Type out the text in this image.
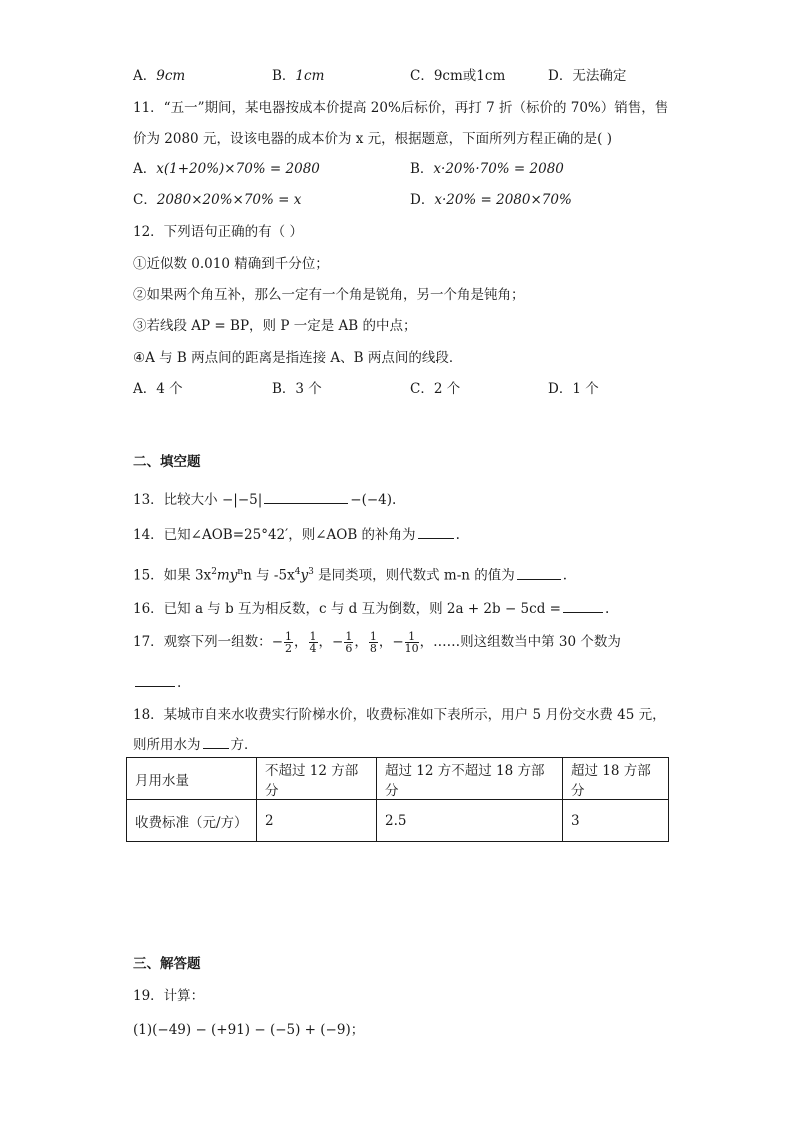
A．9cm	B．1cm	C．9cm或1cm	D．无法确定
11．“五一”期间，某电器按成本价提高 20%后标价，再打 7 折（标价的 70%）销售，售
价为 2080 元，设该电器的成本价为 x 元，根据题意，下面所列方程正确的是( )
A．x(1+20%)×70% = 2080	B．x·20%·70% = 2080
C．2080×20%×70% = x	D．x·20% = 2080×70%
12．下列语句正确的有（ ）
①近似数 0.010 精确到千分位；
②如果两个角互补，那么一定有一个角是锐角，另一个角是钝角；
③若线段 AP = BP，则 P 一定是 AB 的中点；
④A 与 B 两点间的距离是指连接 A、B 两点间的线段．
A．4 个	B．3 个	C．2 个	D．1 个
二、填空题
13．比较大小 −|−5|	−(−4).
14．已知∠AOB=25°42′，则∠AOB 的补角为	.
15．如果 $3x^2my^nn$ 与 $-5x^4y^3$ 是同类项，则代数式 m-n 的值为	.
16．已知 a 与 b 互为相反数，c 与 d 互为倒数，则 2a + 2b − 5cd =	.
17．观察下列一组数：− $\frac{1}{2}$ ， $\frac{1}{4}$ ，− $\frac{1}{6}$ ， $\frac{1}{8}$ ，− $\frac{1}{10}$ ，……则这组数当中第 30 个数为
.
18．某城市自来水收费实行阶梯水价，收费标准如下表所示，用户 5 月份交水费 45 元，
则所用水为 方．
月用水量	不超过 12 方部分	超过 12 方不超过 18 方部分	超过 18 方部分
收费标准（元/方）	2	2.5	3
三、解答题
19．计算：
(1)(−49) − (+91) − (−5) + (−9)；
